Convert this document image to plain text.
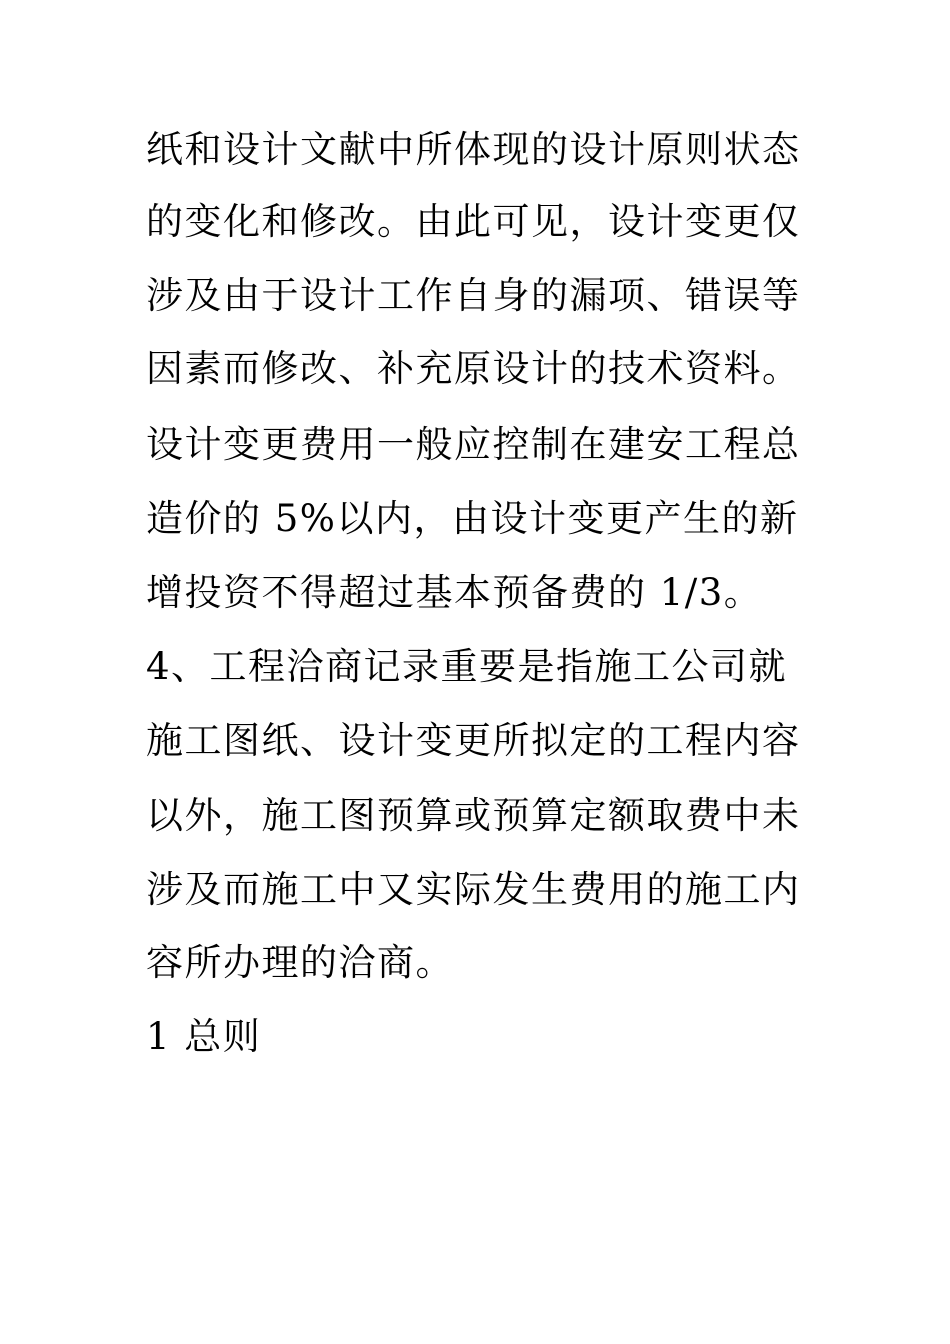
纸和设计文献中所体现的设计原则状态
的变化和修改。由此可见，设计变更仅
涉及由于设计工作自身的漏项、错误等
因素而修改、补充原设计的技术资料。
设计变更费用一般应控制在建安工程总
造价的 5%以内，由设计变更产生的新
增投资不得超过基本预备费的 1/3。
4、工程洽商记录重要是指施工公司就
施工图纸、设计变更所拟定的工程内容
以外，施工图预算或预算定额取费中未
涉及而施工中又实际发生费用的施工内
容所办理的洽商。
1 总则
